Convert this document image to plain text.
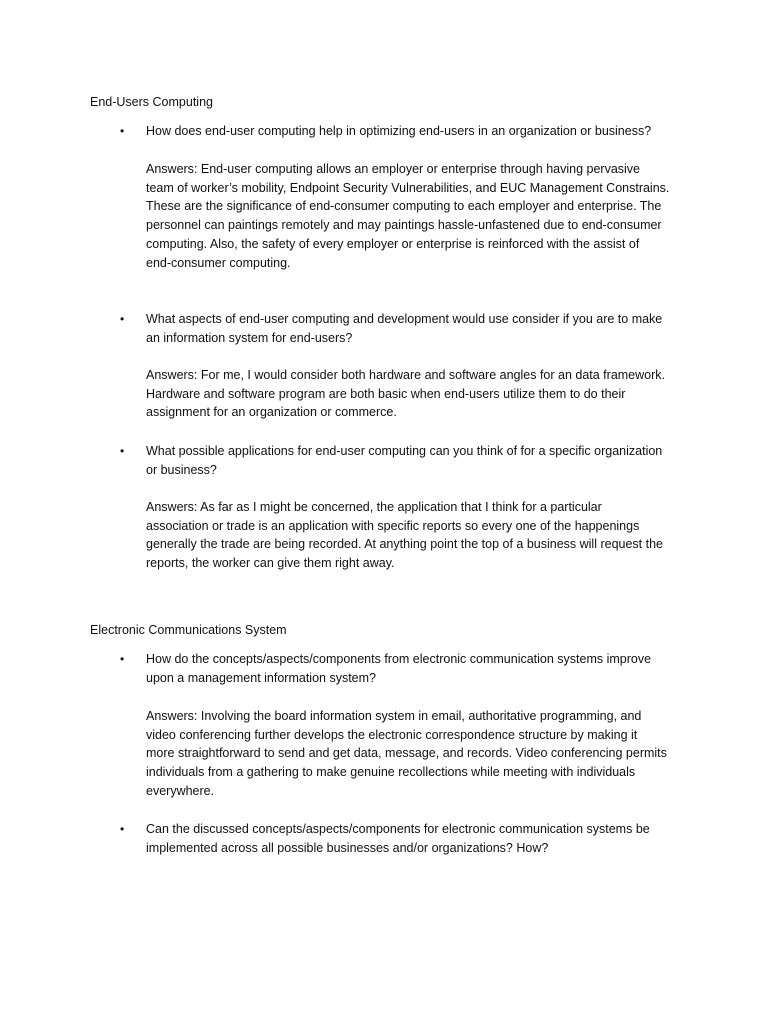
End-Users Computing
• How does end-user computing help in optimizing end-users in an organization or business?
Answers: End-user computing allows an employer or enterprise through having pervasive
team of worker’s mobility, Endpoint Security Vulnerabilities, and EUC Management Constrains.
These are the significance of end-consumer computing to each employer and enterprise. The
personnel can paintings remotely and may paintings hassle-unfastened due to end-consumer
computing. Also, the safety of every employer or enterprise is reinforced with the assist of
end-consumer computing.
• What aspects of end-user computing and development would use consider if you are to make
an information system for end-users?
Answers: For me, I would consider both hardware and software angles for an data framework.
Hardware and software program are both basic when end-users utilize them to do their
assignment for an organization or commerce.
• What possible applications for end-user computing can you think of for a specific organization
or business?
Answers: As far as I might be concerned, the application that I think for a particular
association or trade is an application with specific reports so every one of the happenings
generally the trade are being recorded. At anything point the top of a business will request the
reports, the worker can give them right away.
Electronic Communications System
• How do the concepts/aspects/components from electronic communication systems improve
upon a management information system?
Answers: Involving the board information system in email, authoritative programming, and
video conferencing further develops the electronic correspondence structure by making it
more straightforward to send and get data, message, and records. Video conferencing permits
individuals from a gathering to make genuine recollections while meeting with individuals
everywhere.
• Can the discussed concepts/aspects/components for electronic communication systems be
implemented across all possible businesses and/or organizations? How?
